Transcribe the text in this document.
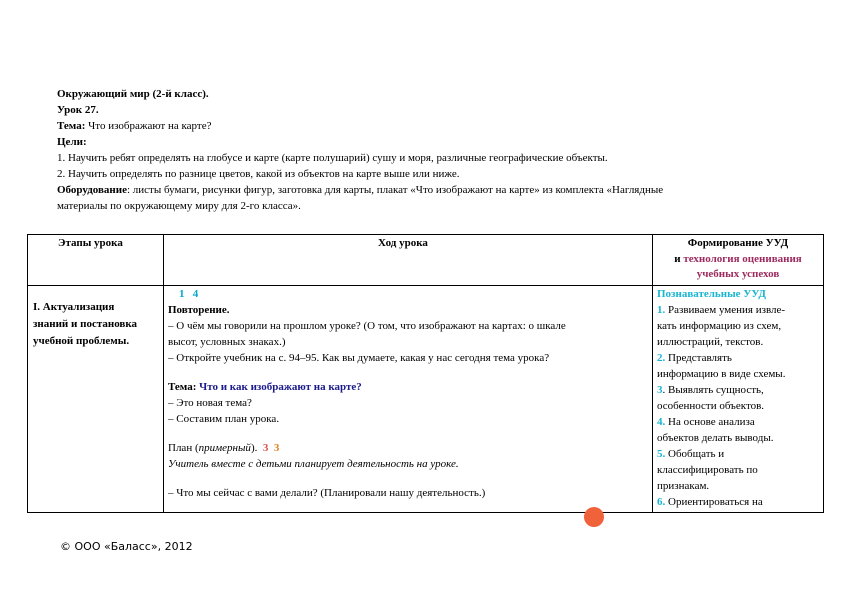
Окружающий мир (2-й класс).
Урок 27.
Тема: Что изображают на карте?
Цели:
1. Научить ребят определять на глобусе и карте (карте полушарий) сушу и моря, различные географические объекты.
2. Научить определять по разнице цветов, какой из объектов на карте выше или ниже.
Оборудование: листы бумаги, рисунки фигур, заготовка для карты, плакат «Что изображают на карте» из комплекта «Наглядные
материалы по окружающему миру для 2-го класса».
Этапы урока	Ход урока	Формирование УУД
и технология оценивания
учебных успехов
I. Актуализация
знаний и постановка
учебной проблемы.
1 4
Повторение.
– О чём мы говорили на прошлом уроке? (О том, что изображают на картах: о шкале
высот, условных знаках.)
– Откройте учебник на с. 94–95. Как вы думаете, какая у нас сегодня тема урока?
Тема: Что и как изображают на карте?
– Это новая тема?
– Составим план урока.
План (примерный). 3 3
Учитель вместе с детьми планирует деятельность на уроке.
– Что мы сейчас с вами делали? (Планировали нашу деятельность.)
Познавательные УУД
1. Развиваем умения извле-
кать информацию из схем,
иллюстраций, текстов.
2. Представлять
информацию в виде схемы.
3. Выявлять сущность,
особенности объектов.
4. На основе анализа
объектов делать выводы.
5. Обобщать и
классифицировать по
признакам.
6. Ориентироваться на
© ООО «Баласс», 2012
